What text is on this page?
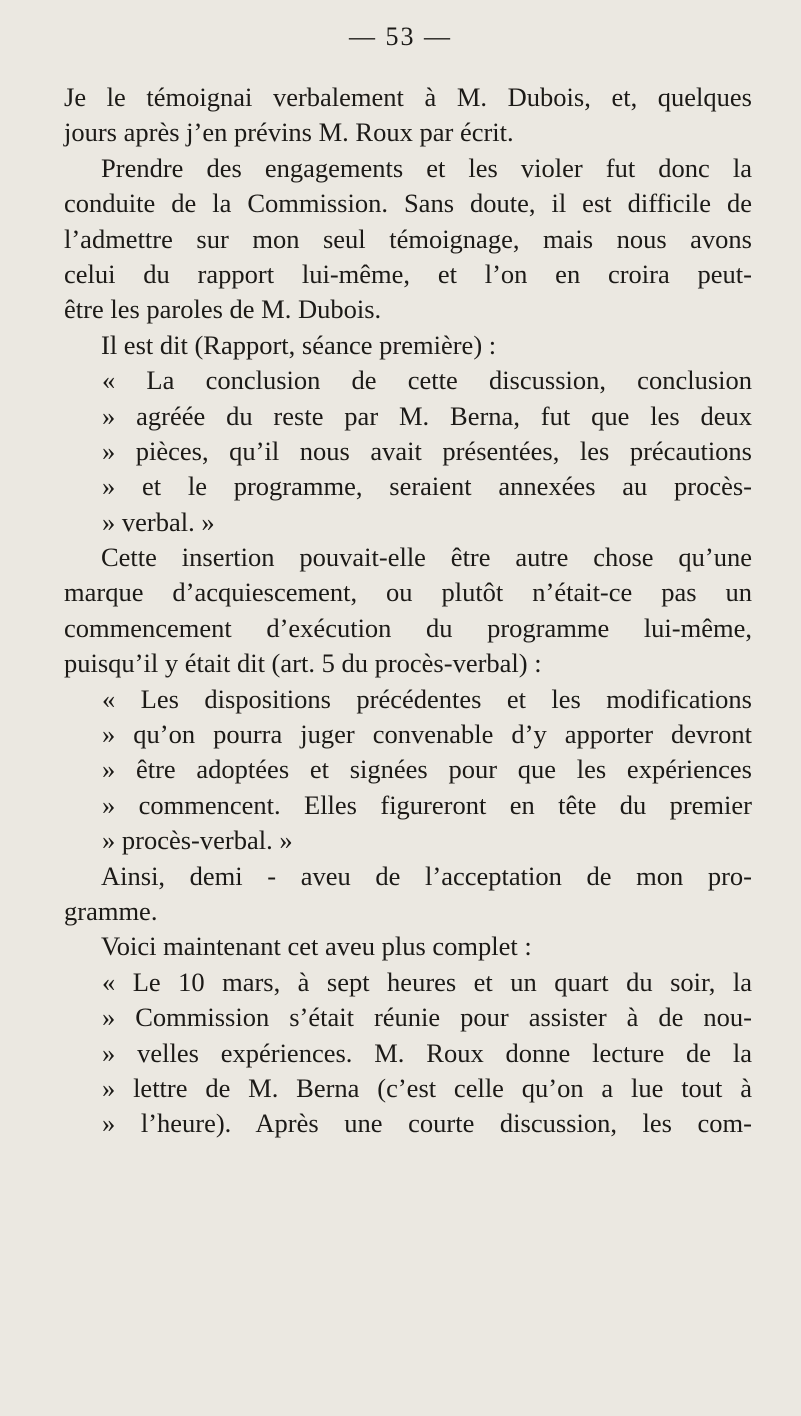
— 53 —
Je le témoignai verbalement à M. Dubois, et, quelques
jours après j’en prévins M. Roux par écrit.
Prendre des engagements et les violer fut donc la
conduite de la Commission. Sans doute, il est difficile de
l’admettre sur mon seul témoignage, mais nous avons
celui du rapport lui-même, et l’on en croira peut-
être les paroles de M. Dubois.
Il est dit (Rapport, séance première) :
« La conclusion de cette discussion, conclusion
» agréée du reste par M. Berna, fut que les deux
» pièces, qu’il nous avait présentées, les précautions
» et le programme, seraient annexées au procès-
» verbal. »
Cette insertion pouvait-elle être autre chose qu’une
marque d’acquiescement, ou plutôt n’était-ce pas un
commencement d’exécution du programme lui-même,
puisqu’il y était dit (art. 5 du procès-verbal) :
« Les dispositions précédentes et les modifications
» qu’on pourra juger convenable d’y apporter devront
» être adoptées et signées pour que les expériences
» commencent. Elles figureront en tête du premier
» procès-verbal. »
Ainsi, demi - aveu de l’acceptation de mon pro-
gramme.
Voici maintenant cet aveu plus complet :
« Le 10 mars, à sept heures et un quart du soir, la
» Commission s’était réunie pour assister à de nou-
» velles expériences. M. Roux donne lecture de la
» lettre de M. Berna (c’est celle qu’on a lue tout à
» l’heure). Après une courte discussion, les com-
